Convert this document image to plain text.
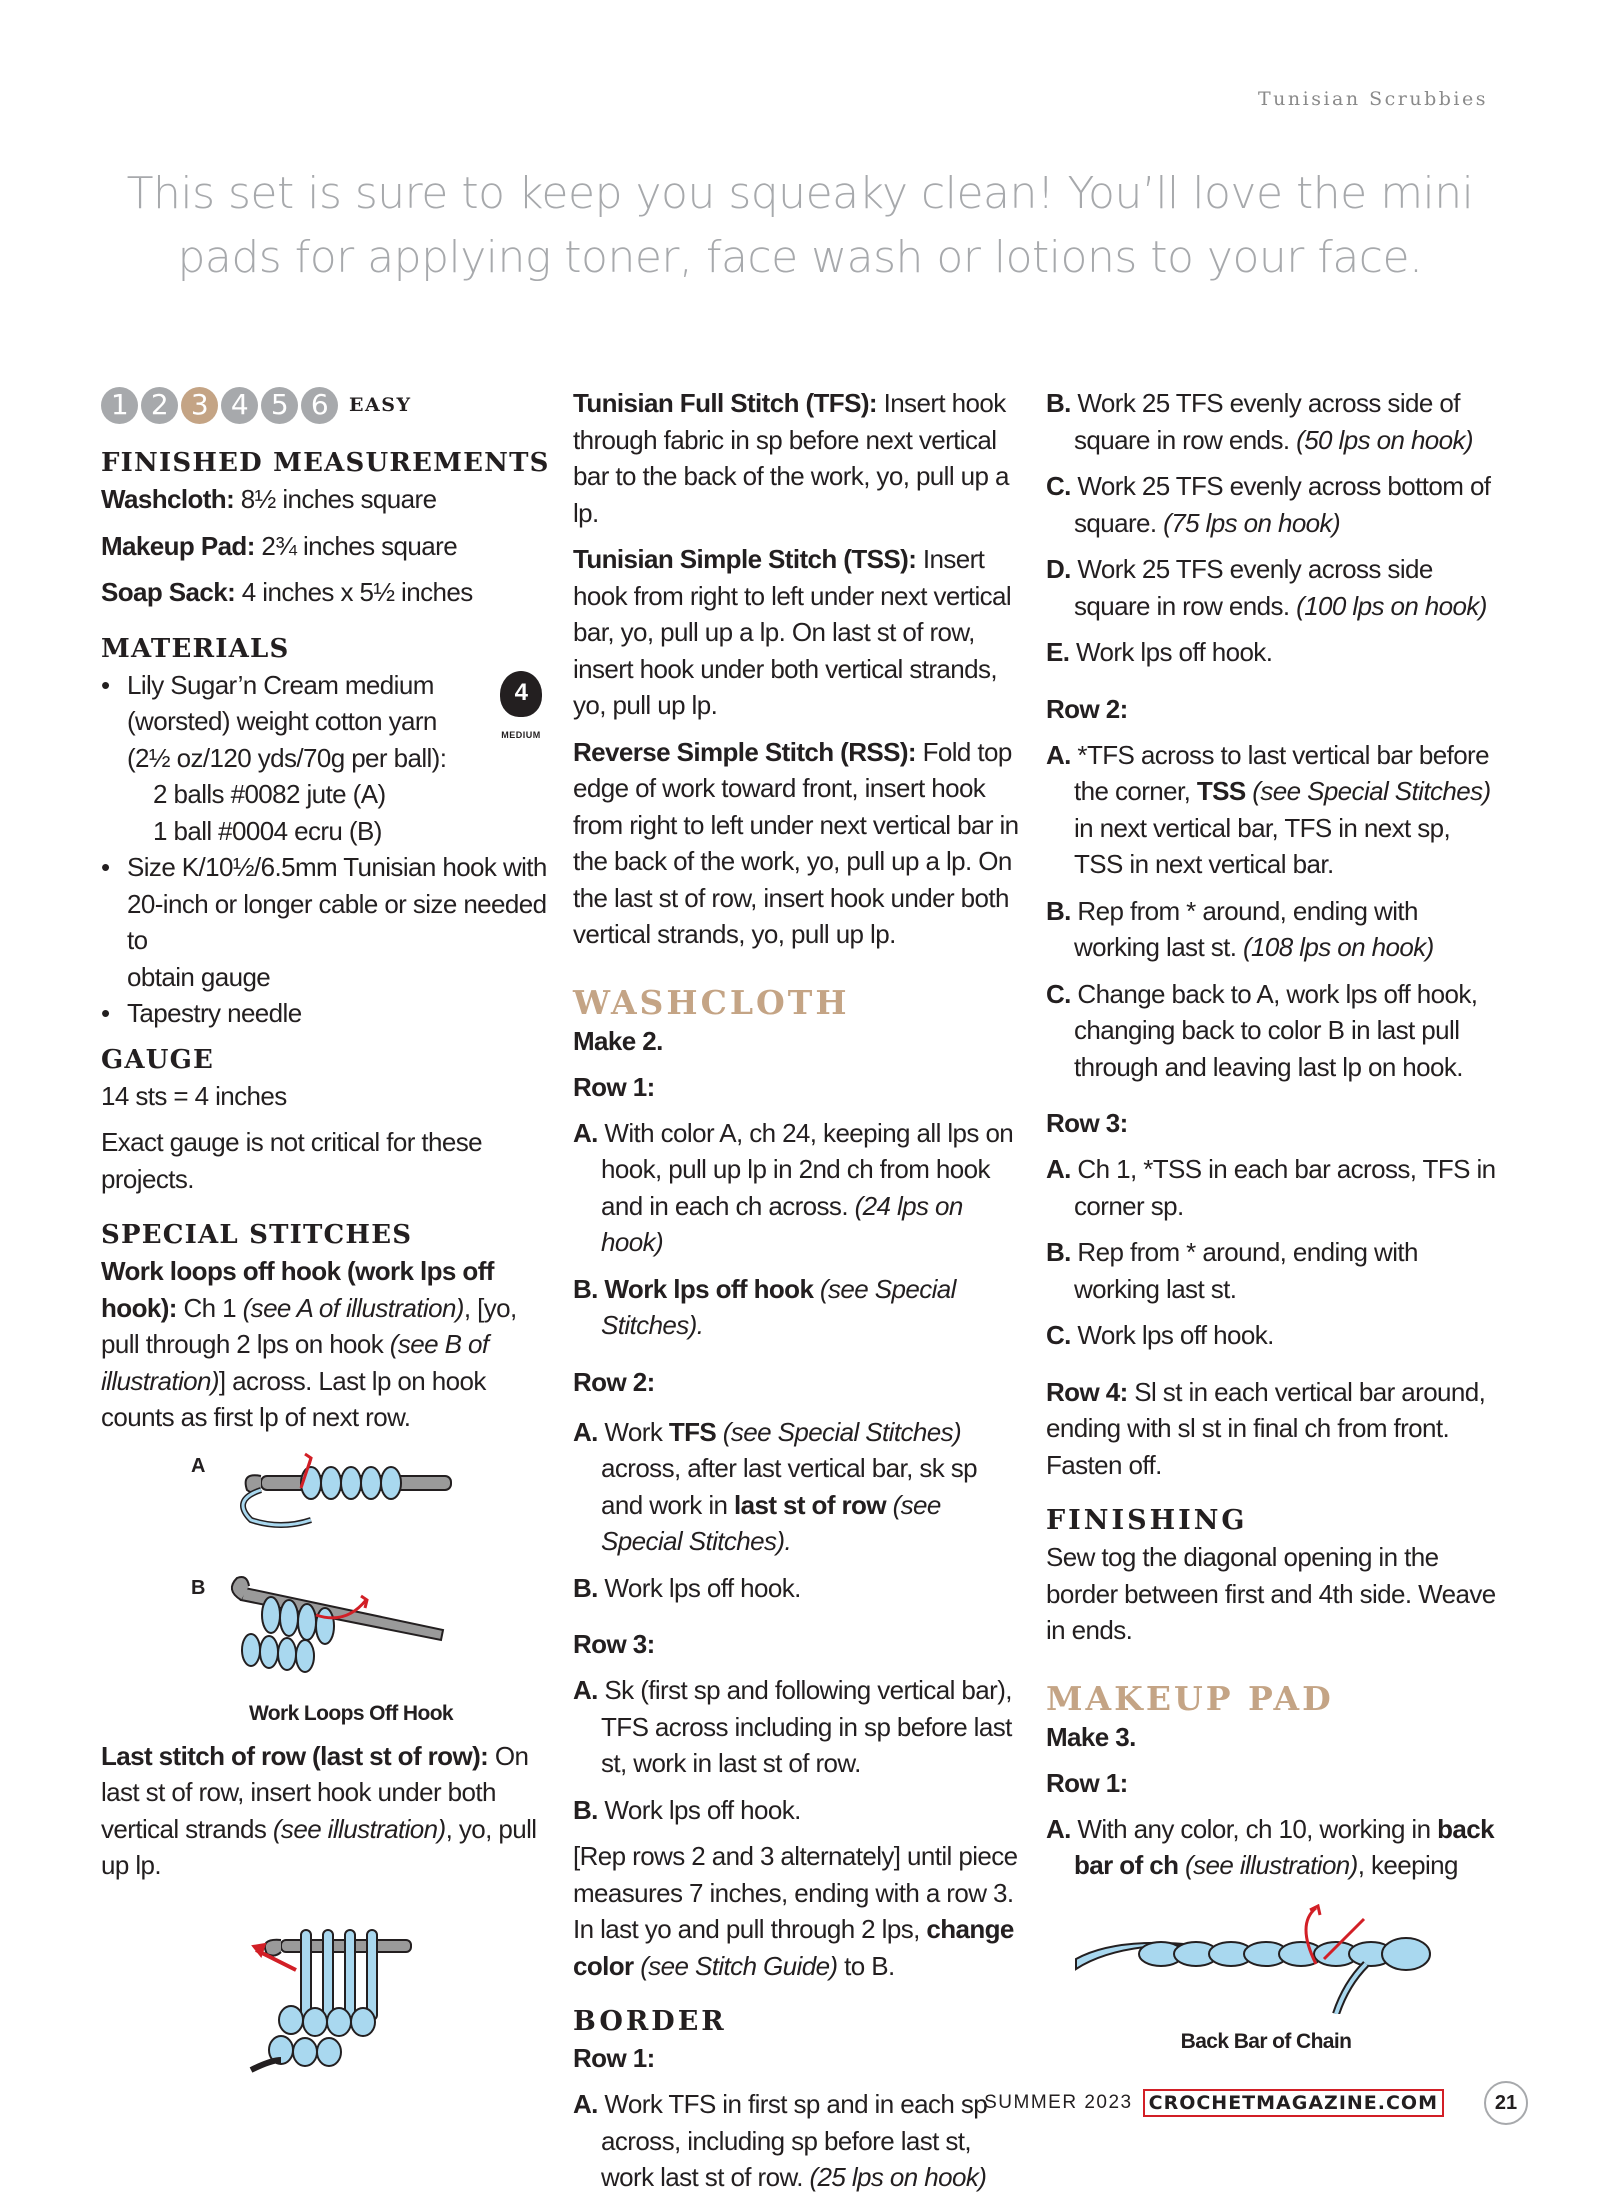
Tunisian Scrubbies
This set is sure to keep you squeaky clean! You’ll love the mini
pads for applying toner, face wash or lotions to your face.
1 2 3 4 5 6	EASY
FINISHED MEASUREMENTS

Washcloth: 8½ inches square

Makeup Pad: 2¾ inches square

Soap Sack: 4 inches x 5½ inches

MATERIALS
4
MEDIUM
• Lily Sugar’n Cream medium
(worsted) weight cotton yarn
(2½ oz/120 yds/70g per ball):
2 balls #0082 jute (A)
1 ball #0004 ecru (B)
• Size K/10½/6.5mm Tunisian hook with
20-inch or longer cable or size needed to
obtain gauge
• Tapestry needle
GAUGE

14 sts = 4 inches

Exact gauge is not critical for these projects.

SPECIAL STITCHES

Work loops off hook (work lps off
hook): Ch 1 (see A of illustration), [yo, pull through 2 lps on hook (see B of illustration)] across. Last lp on hook counts as first lp of next row.

A
B
Work Loops Off Hook

Last stitch of row (last st of row): On last st of row, insert hook under both vertical strands (see illustration), yo, pull up lp.

Tunisian Full Stitch (TFS): Insert hook through fabric in sp before next vertical bar to the back of the work, yo, pull up a lp.

Tunisian Simple Stitch (TSS): Insert hook from right to left under next vertical bar, yo, pull up a lp. On last st of row, insert hook under both vertical strands, yo, pull up lp.

Reverse Simple Stitch (RSS): Fold top edge of work toward front, insert hook from right to left under next vertical bar in the back of the work, yo, pull up a lp. On the last st of row, insert hook under both vertical strands, yo, pull up lp.

WASHCLOTH
Make 2.
Row 1:

A. With color A, ch 24, keeping all lps on hook, pull up lp in 2nd ch from hook and in each ch across. (24 lps on hook)

B. Work lps off hook (see Special Stitches).

Row 2:

A. Work TFS (see Special Stitches) across, after last vertical bar, sk sp and work in last st of row (see Special Stitches).

B. Work lps off hook.

Row 3:

A. Sk (first sp and following vertical bar), TFS across including in sp before last st, work in last st of row.

B. Work lps off hook.

[Rep rows 2 and 3 alternately] until piece measures 7 inches, ending with a row 3. In last yo and pull through 2 lps, change color (see Stitch Guide) to B.

BORDER
Row 1:

A. Work TFS in first sp and in each sp across, including sp before last st, work last st of row. (25 lps on hook)

B. Work 25 TFS evenly across side of square in row ends. (50 lps on hook)

C. Work 25 TFS evenly across bottom of square. (75 lps on hook)

D. Work 25 TFS evenly across side square in row ends. (100 lps on hook)

E. Work lps off hook.

Row 2:

A. *TFS across to last vertical bar before the corner, TSS (see Special Stitches) in next vertical bar, TFS in next sp, TSS in next vertical bar.

B. Rep from * around, ending with working last st. (108 lps on hook)

C. Change back to A, work lps off hook, changing back to color B in last pull through and leaving last lp on hook.

Row 3:

A. Ch 1, *TSS in each bar across, TFS in corner sp.

B. Rep from * around, ending with working last st.

C. Work lps off hook.

Row 4: Sl st in each vertical bar around, ending with sl st in final ch from front. Fasten off.

FINISHING

Sew tog the diagonal opening in the border between first and 4th side. Weave in ends.

MAKEUP PAD
Make 3.
Row 1:

A. With any color, ch 10, working in back bar of ch (see illustration), keeping

Back Bar of Chain
SUMMER 2023 CROCHETMAGAZINE.COM	21
